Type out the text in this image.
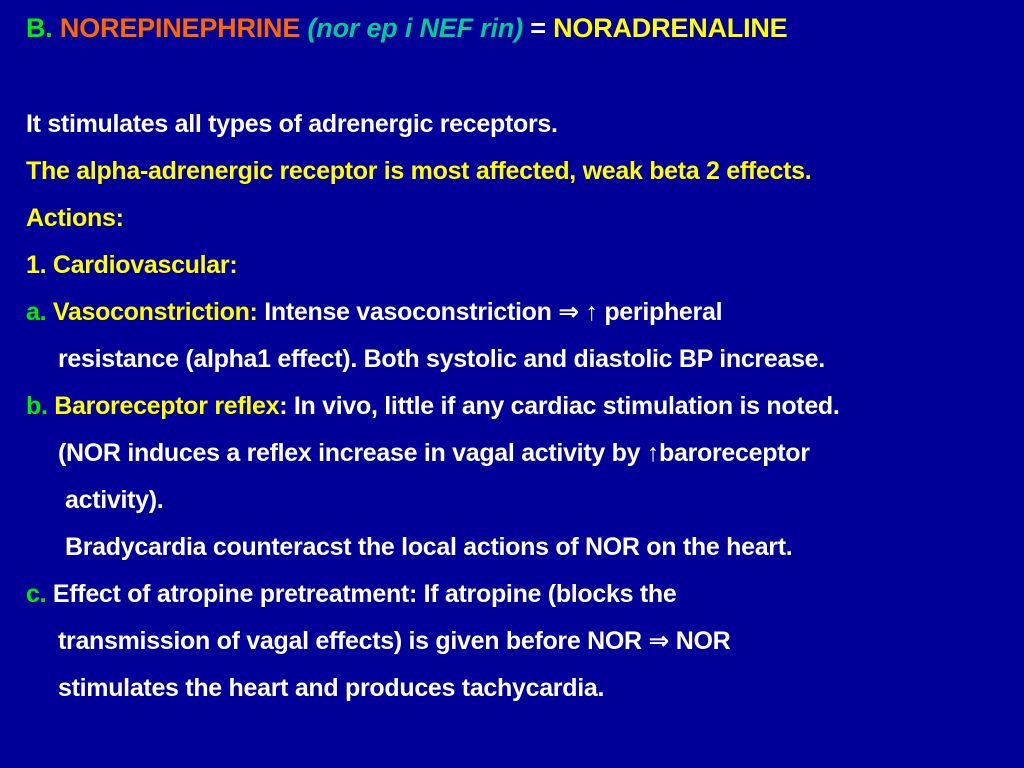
B. NOREPINEPHRINE (nor ep i NEF rin) = NORADRENALINE
It stimulates all types of adrenergic receptors.
The alpha-adrenergic receptor is most affected, weak beta 2 effects.
Actions:
1. Cardiovascular:
a. Vasoconstriction: Intense vasoconstriction ⇒ ↑ peripheral
resistance (alpha1 effect). Both systolic and diastolic BP increase.
b. Baroreceptor reflex: In vivo, little if any cardiac stimulation is noted.
(NOR induces a reflex increase in vagal activity by ↑baroreceptor
activity).
Bradycardia counteracst the local actions of NOR on the heart.
c. Effect of atropine pretreatment: If atropine (blocks the
transmission of vagal effects) is given before NOR ⇒ NOR
stimulates the heart and produces tachycardia.
